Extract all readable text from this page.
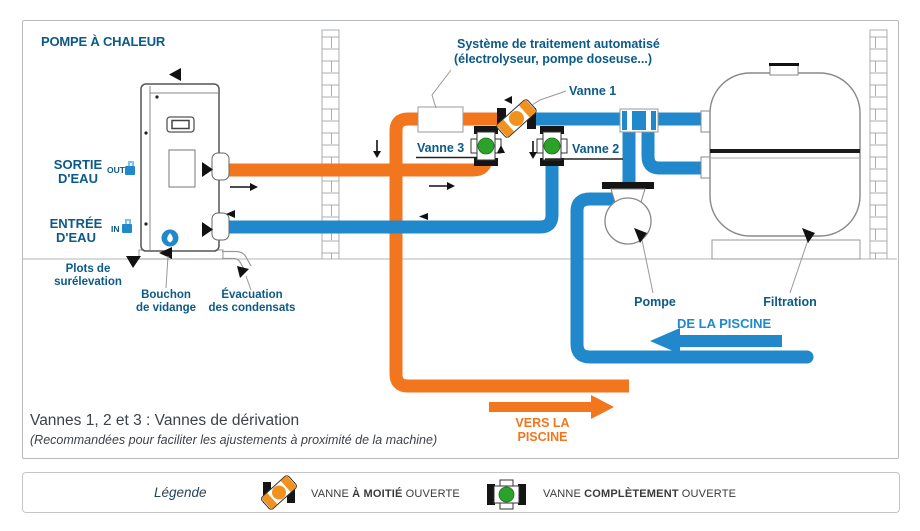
POMPE À CHALEUR
SORTIE
D'EAU
OUT
ENTRÉE
D'EAU
IN
Plots de
surélevation
Bouchon
de vidange
Évacuation
des condensats
Système de traitement automatisé
(électrolyseur, pompe doseuse...)
Vanne 1
Vanne 3	Vanne 2
Pompe	Filtration
DE LA PISCINE
VERS LA
PISCINE
Vannes 1, 2 et 3 : Vannes de dérivation
(Recommandées pour faciliter les ajustements à proximité de la machine)
Légende	VANNE À MOITIÉ OUVERTE	VANNE COMPLÈTEMENT OUVERTE
